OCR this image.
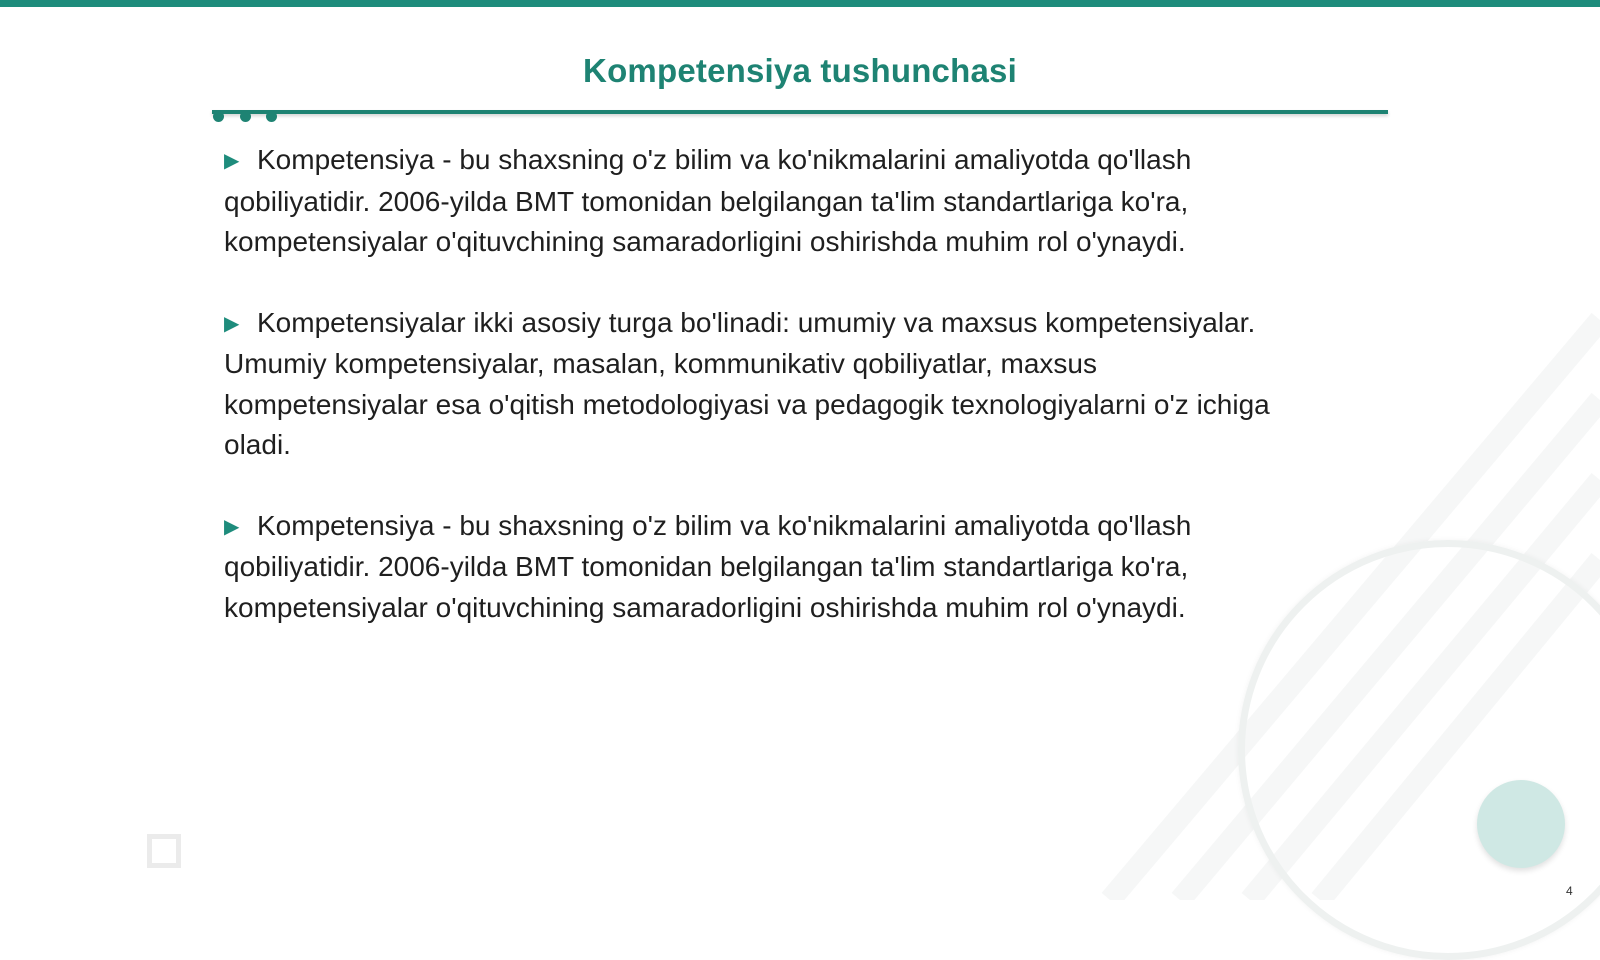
Kompetensiya tushunchasi
▶ Kompetensiya - bu shaxsning o'z bilim va ko'nikmalarini amaliyotda qo'llash
qobiliyatidir. 2006-yilda BMT tomonidan belgilangan ta'lim standartlariga ko'ra,
kompetensiyalar o'qituvchining samaradorligini oshirishda muhim rol o'ynaydi.
▶ Kompetensiyalar ikki asosiy turga bo'linadi: umumiy va maxsus kompetensiyalar.
Umumiy kompetensiyalar, masalan, kommunikativ qobiliyatlar, maxsus
kompetensiyalar esa o'qitish metodologiyasi va pedagogik texnologiyalarni o'z ichiga
oladi.
▶ Kompetensiya - bu shaxsning o'z bilim va ko'nikmalarini amaliyotda qo'llash
qobiliyatidir. 2006-yilda BMT tomonidan belgilangan ta'lim standartlariga ko'ra,
kompetensiyalar o'qituvchining samaradorligini oshirishda muhim rol o'ynaydi.
4
